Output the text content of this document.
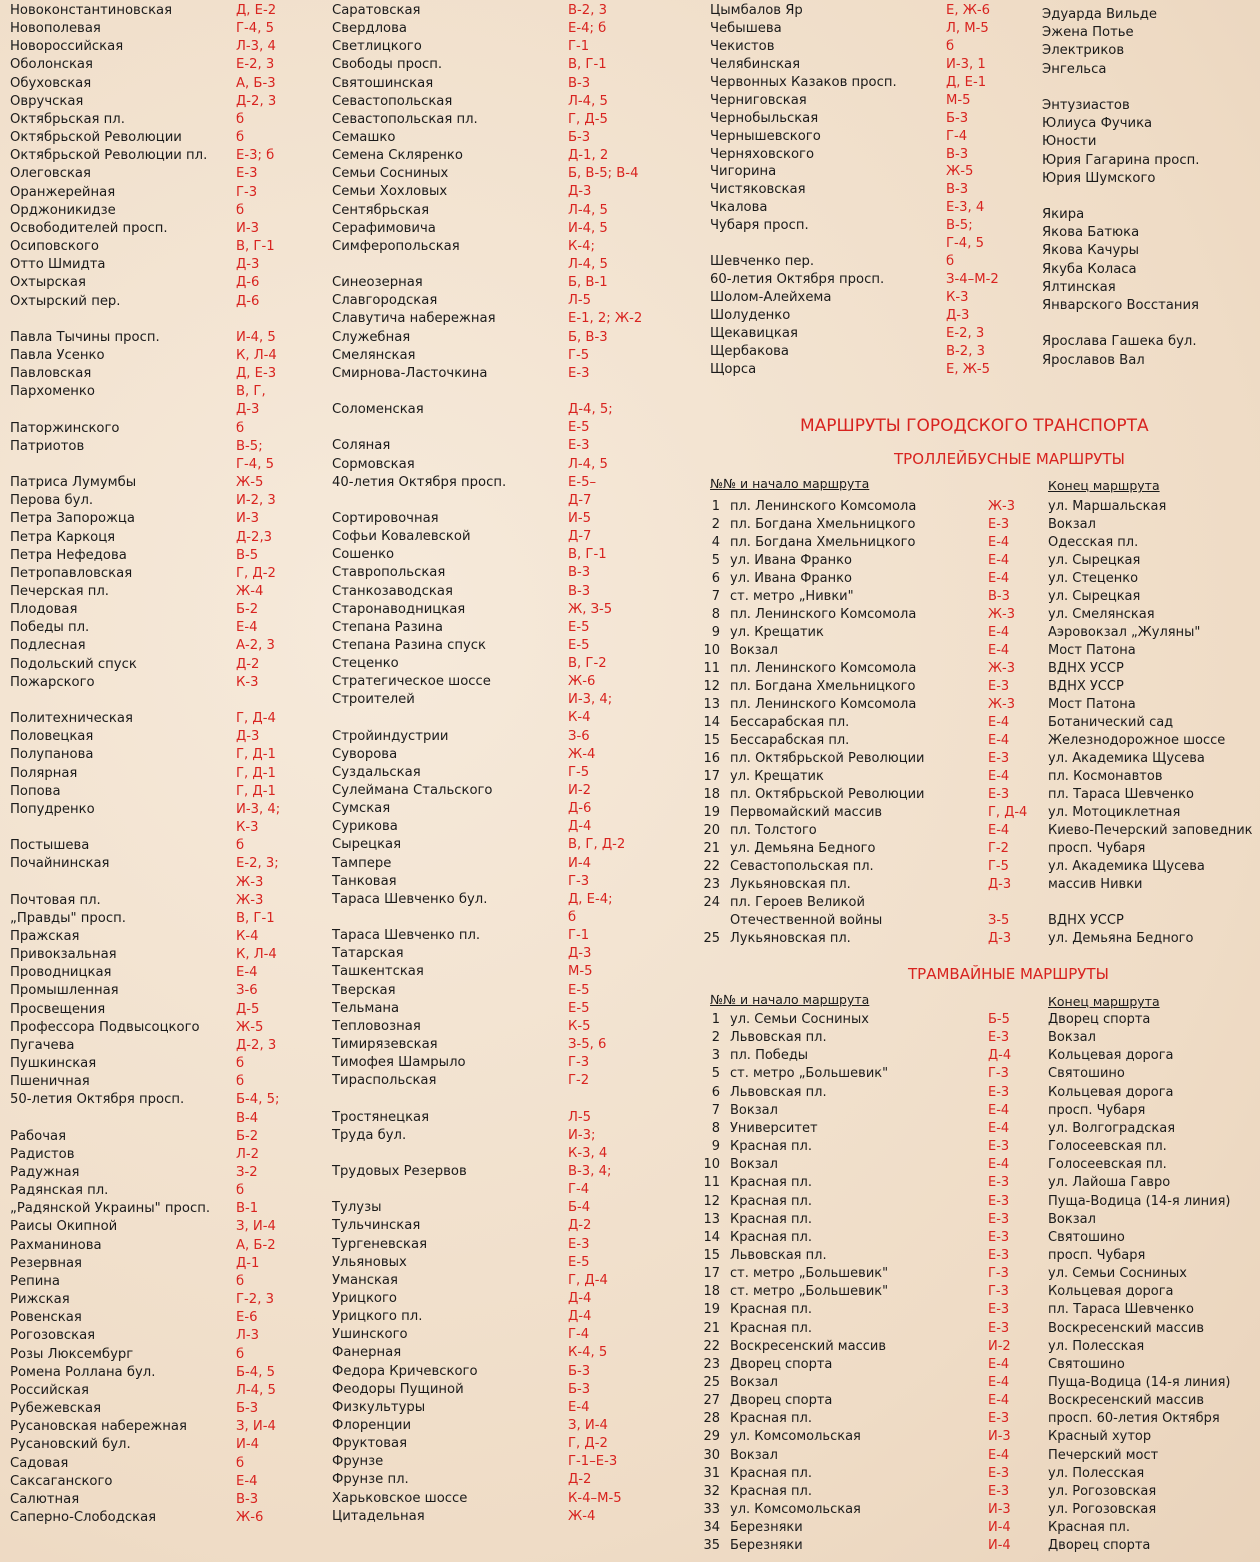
Новоконстантиновская	Д, Е-2
Новополевая	Г-4, 5
Новороссийская	Л-3, 4
Оболонская	Е-2, 3
Обуховская	А, Б-3
Овручская	Д-2, 3
Октябрьская пл.	б
Октябрьской Революции	б
Октябрьской Революции пл. Е-3; б
Олеговская	Е-3
Оранжерейная	Г-3
Орджоникидзе	б
Освободителей просп.	И-3
Осиповского	В, Г-1
Отто Шмидта	Д-3
Охтырская	Д-6
Охтырский пер.	Д-6
Павла Тычины просп.	И-4, 5
Павла Усенко	К, Л-4
Павловская	Д, Е-3
Пархоменко	В, Г,
Д-3
Паторжинского	б
Патриотов	В-5;
Г-4, 5
Патриса Лумумбы	Ж-5
Перова бул.	И-2, 3
Петра Запорожца	И-3
Петра Каркоця	Д-2,3
Петра Нефедова	В-5
Петропавловская	Г, Д-2
Печерская пл.	Ж-4
Плодовая	Б-2
Победы пл.	Е-4
Подлесная	А-2, 3
Подольский спуск	Д-2
Пожарского	К-3
Политехническая	Г, Д-4
Половецкая	Д-3
Полупанова	Г, Д-1
Полярная	Г, Д-1
Попова	Г, Д-1
Попудренко	И-3, 4;
К-3
Постышева	б
Почайнинская	Е-2, 3;
Ж-3
Почтовая пл.	Ж-3
„Правды" просп.	В, Г-1
Пражская	К-4
Привокзальная	К, Л-4
Проводницкая	Е-4
Промышленная	З-6
Просвещения	Д-5
Профессора Подвысоцкого	Ж-5
Пугачева	Д-2, 3
Пушкинская	б
Пшеничная	б
50-летия Октября просп.	Б-4, 5;
В-4
Рабочая	Б-2
Радистов	Л-2
Радужная	З-2
Радянская пл.	б
„Радянской Украины" просп. В-1
Раисы Окипной	З, И-4
Рахманинова	А, Б-2
Резервная	Д-1
Репина	б
Рижская	Г-2, 3
Ровенская	Е-6
Рогозовская	Л-3
Розы Люксембург	б
Ромена Роллана бул.	Б-4, 5
Российская	Л-4, 5
Рубежевская	Б-3
Русановская набережная	З, И-4
Русановский бул.	И-4
Садовая	б
Саксаганского	Е-4
Салютная	В-3
Саперно-Слободская	Ж-6
Саратовская	В-2, 3
Свердлова	Е-4; б
Светлицкого	Г-1
Свободы просп.	В, Г-1
Святошинская	В-3
Севастопольская	Л-4, 5
Севастопольская пл.	Г, Д-5
Семашко	Б-3
Семена Скляренко	Д-1, 2
Семьи Сосниных	Б, В-5; В-4
Семьи Хохловых	Д-3
Сентябрьская	Л-4, 5
Серафимовича	И-4, 5
Симферопольская	К-4;
Л-4, 5
Синеозерная	Б, В-1
Славгородская	Л-5
Славутича набережная	Е-1, 2; Ж-2
Служебная	Б, В-3
Смелянская	Г-5
Смирнова-Ласточкина	Е-3
Соломенская	Д-4, 5;
Е-5
Соляная	Е-3
Сормовская	Л-4, 5
40-летия Октября просп.	Е-5–
Д-7
Сортировочная	И-5
Софьи Ковалевской	Д-7
Сошенко	В, Г-1
Ставропольская	В-3
Станкозаводская	В-3
Старонаводницкая	Ж, З-5
Степана Разина	Е-5
Степана Разина спуск	Е-5
Стеценко	В, Г-2
Стратегическое шоссе	Ж-6
Строителей	И-3, 4;
К-4
Стройиндустрии	З-6
Суворова	Ж-4
Суздальская	Г-5
Сулеймана Стальского	И-2
Сумская	Д-6
Сурикова	Д-4
Сырецкая	В, Г, Д-2
Тампере	И-4
Танковая	Г-3
Тараса Шевченко бул.	Д, Е-4;
б
Тараса Шевченко пл.	Г-1
Татарская	Д-3
Ташкентская	М-5
Тверская	Е-5
Тельмана	Е-5
Тепловозная	К-5
Тимирязевская	З-5, 6
Тимофея Шамрыло	Г-3
Тираспольская	Г-2
Тростянецкая	Л-5
Труда бул.	И-3;
К-3, 4
Трудовых Резервов	В-3, 4;
Г-4
Тулузы	Б-4
Тульчинская	Д-2
Тургеневская	Е-3
Ульяновых	Е-5
Уманская	Г, Д-4
Урицкого	Д-4
Урицкого пл.	Д-4
Ушинского	Г-4
Фанерная	К-4, 5
Федора Кричевского	Б-3
Феодоры Пущиной	Б-3
Физкультуры	Е-4
Флоренции	З, И-4
Фруктовая	Г, Д-2
Фрунзе	Г-1–Е-3
Фрунзе пл.	Д-2
Харьковское шоссе	К-4–М-5
Цитадельная	Ж-4
Цымбалов Яр	Е, Ж-6
Чебышева	Л, М-5
Чекистов	б
Челябинская	И-3, 1
Червонных Казаков просп.	Д, Е-1
Черниговская	М-5
Чернобыльская	Б-3
Чернышевского	Г-4
Черняховского	В-3
Чигорина	Ж-5
Чистяковская	В-3
Чкалова	Е-3, 4
Чубаря просп.	В-5;
Г-4, 5
Шевченко пер.	б
60-летия Октября просп.	З-4–М-2
Шолом-Алейхема	К-3
Шолуденко	Д-3
Щекавицкая	Е-2, 3
Щербакова	В-2, 3
Щорса	Е, Ж-5
Эдуарда Вильде
Эжена Потье
Электриков
Энгельса
Энтузиастов
Юлиуса Фучика
Юности
Юрия Гагарина просп.
Юрия Шумского
Якира
Якова Батюка
Якова Качуры
Якуба Коласа
Ялтинская
Январского Восстания
Ярослава Гашека бул.
Ярославов Вал
МАРШРУТЫ ГОРОДСКОГО ТРАНСПОРТА
ТРОЛЛЕЙБУСНЫЕ МАРШРУТЫ
№№ и начало маршрута	Конец маршрута
1 пл. Ленинского Комсомола	Ж-3	ул. Маршальская
2 пл. Богдана Хмельницкого	Е-3	Вокзал
4 пл. Богдана Хмельницкого	Е-4	Одесская пл.
5 ул. Ивана Франко	Е-4	ул. Сырецкая
6 ул. Ивана Франко	Е-4	ул. Стеценко
7 ст. метро „Нивки"	В-3	ул. Сырецкая
8 пл. Ленинского Комсомола	Ж-3	ул. Смелянская
9 ул. Крещатик	Е-4	Аэровокзал „Жуляны"
10 Вокзал	Е-4	Мост Патона
11 пл. Ленинского Комсомола	Ж-3	ВДНХ УССР
12 пл. Богдана Хмельницкого	Е-3	ВДНХ УССР
13 пл. Ленинского Комсомола	Ж-3	Мост Патона
14 Бессарабская пл.	Е-4	Ботанический сад
15 Бессарабская пл.	Е-4	Железнодорожное шоссе
16 пл. Октябрьской Революции	Е-3	ул. Академика Щусева
17 ул. Крещатик	Е-4	пл. Космонавтов
18 пл. Октябрьской Революции	Е-3	пл. Тараса Шевченко
19 Первомайский массив	Г, Д-4 ул. Мотоциклетная
20 пл. Толстого	Е-4	Киево-Печерский заповедник
21 ул. Демьяна Бедного	Г-2	просп. Чубаря
22 Севастопольская пл.	Г-5	ул. Академика Щусева
23 Лукьяновская пл.	Д-3	массив Нивки
24 пл. Героев Великой
Отечественной войны	З-5	ВДНХ УССР
25 Лукьяновская пл.	Д-3	ул. Демьяна Бедного
ТРАМВАЙНЫЕ МАРШРУТЫ
№№ и начало маршрута	Конец маршрута
1 ул. Семьи Сосниных	Б-5	Дворец спорта
2 Львовская пл.	Е-3	Вокзал
3 пл. Победы	Д-4	Кольцевая дорога
5 ст. метро „Большевик"	Г-3	Святошино
6 Львовская пл.	Е-3	Кольцевая дорога
7 Вокзал	Е-4	просп. Чубаря
8 Университет	Е-4	ул. Волгоградская
9 Красная пл.	Е-3	Голосеевская пл.
10 Вокзал	Е-4	Голосеевская пл.
11 Красная пл.	Е-3	ул. Лайоша Гавро
12 Красная пл.	Е-3	Пуща-Водица (14-я линия)
13 Красная пл.	Е-3	Вокзал
14 Красная пл.	Е-3	Святошино
15 Львовская пл.	Е-3	просп. Чубаря
17 ст. метро „Большевик"	Г-3	ул. Семьи Сосниных
18 ст. метро „Большевик"	Г-3	Кольцевая дорога
19 Красная пл.	Е-3	пл. Тараса Шевченко
21 Красная пл.	Е-3	Воскресенский массив
22 Воскресенский массив	И-2	ул. Полесская
23 Дворец спорта	Е-4	Святошино
25 Вокзал	Е-4	Пуща-Водица (14-я линия)
27 Дворец спорта	Е-4	Воскресенский массив
28 Красная пл.	Е-3	просп. 60-летия Октября
29 ул. Комсомольская	И-3	Красный хутор
30 Вокзал	Е-4	Печерский мост
31 Красная пл.	Е-3	ул. Полесская
32 Красная пл.	Е-3	ул. Рогозовская
33 ул. Комсомольская	И-3	ул. Рогозовская
34 Березняки	И-4	Красная пл.
35 Березняки	И-4	Дворец спорта
